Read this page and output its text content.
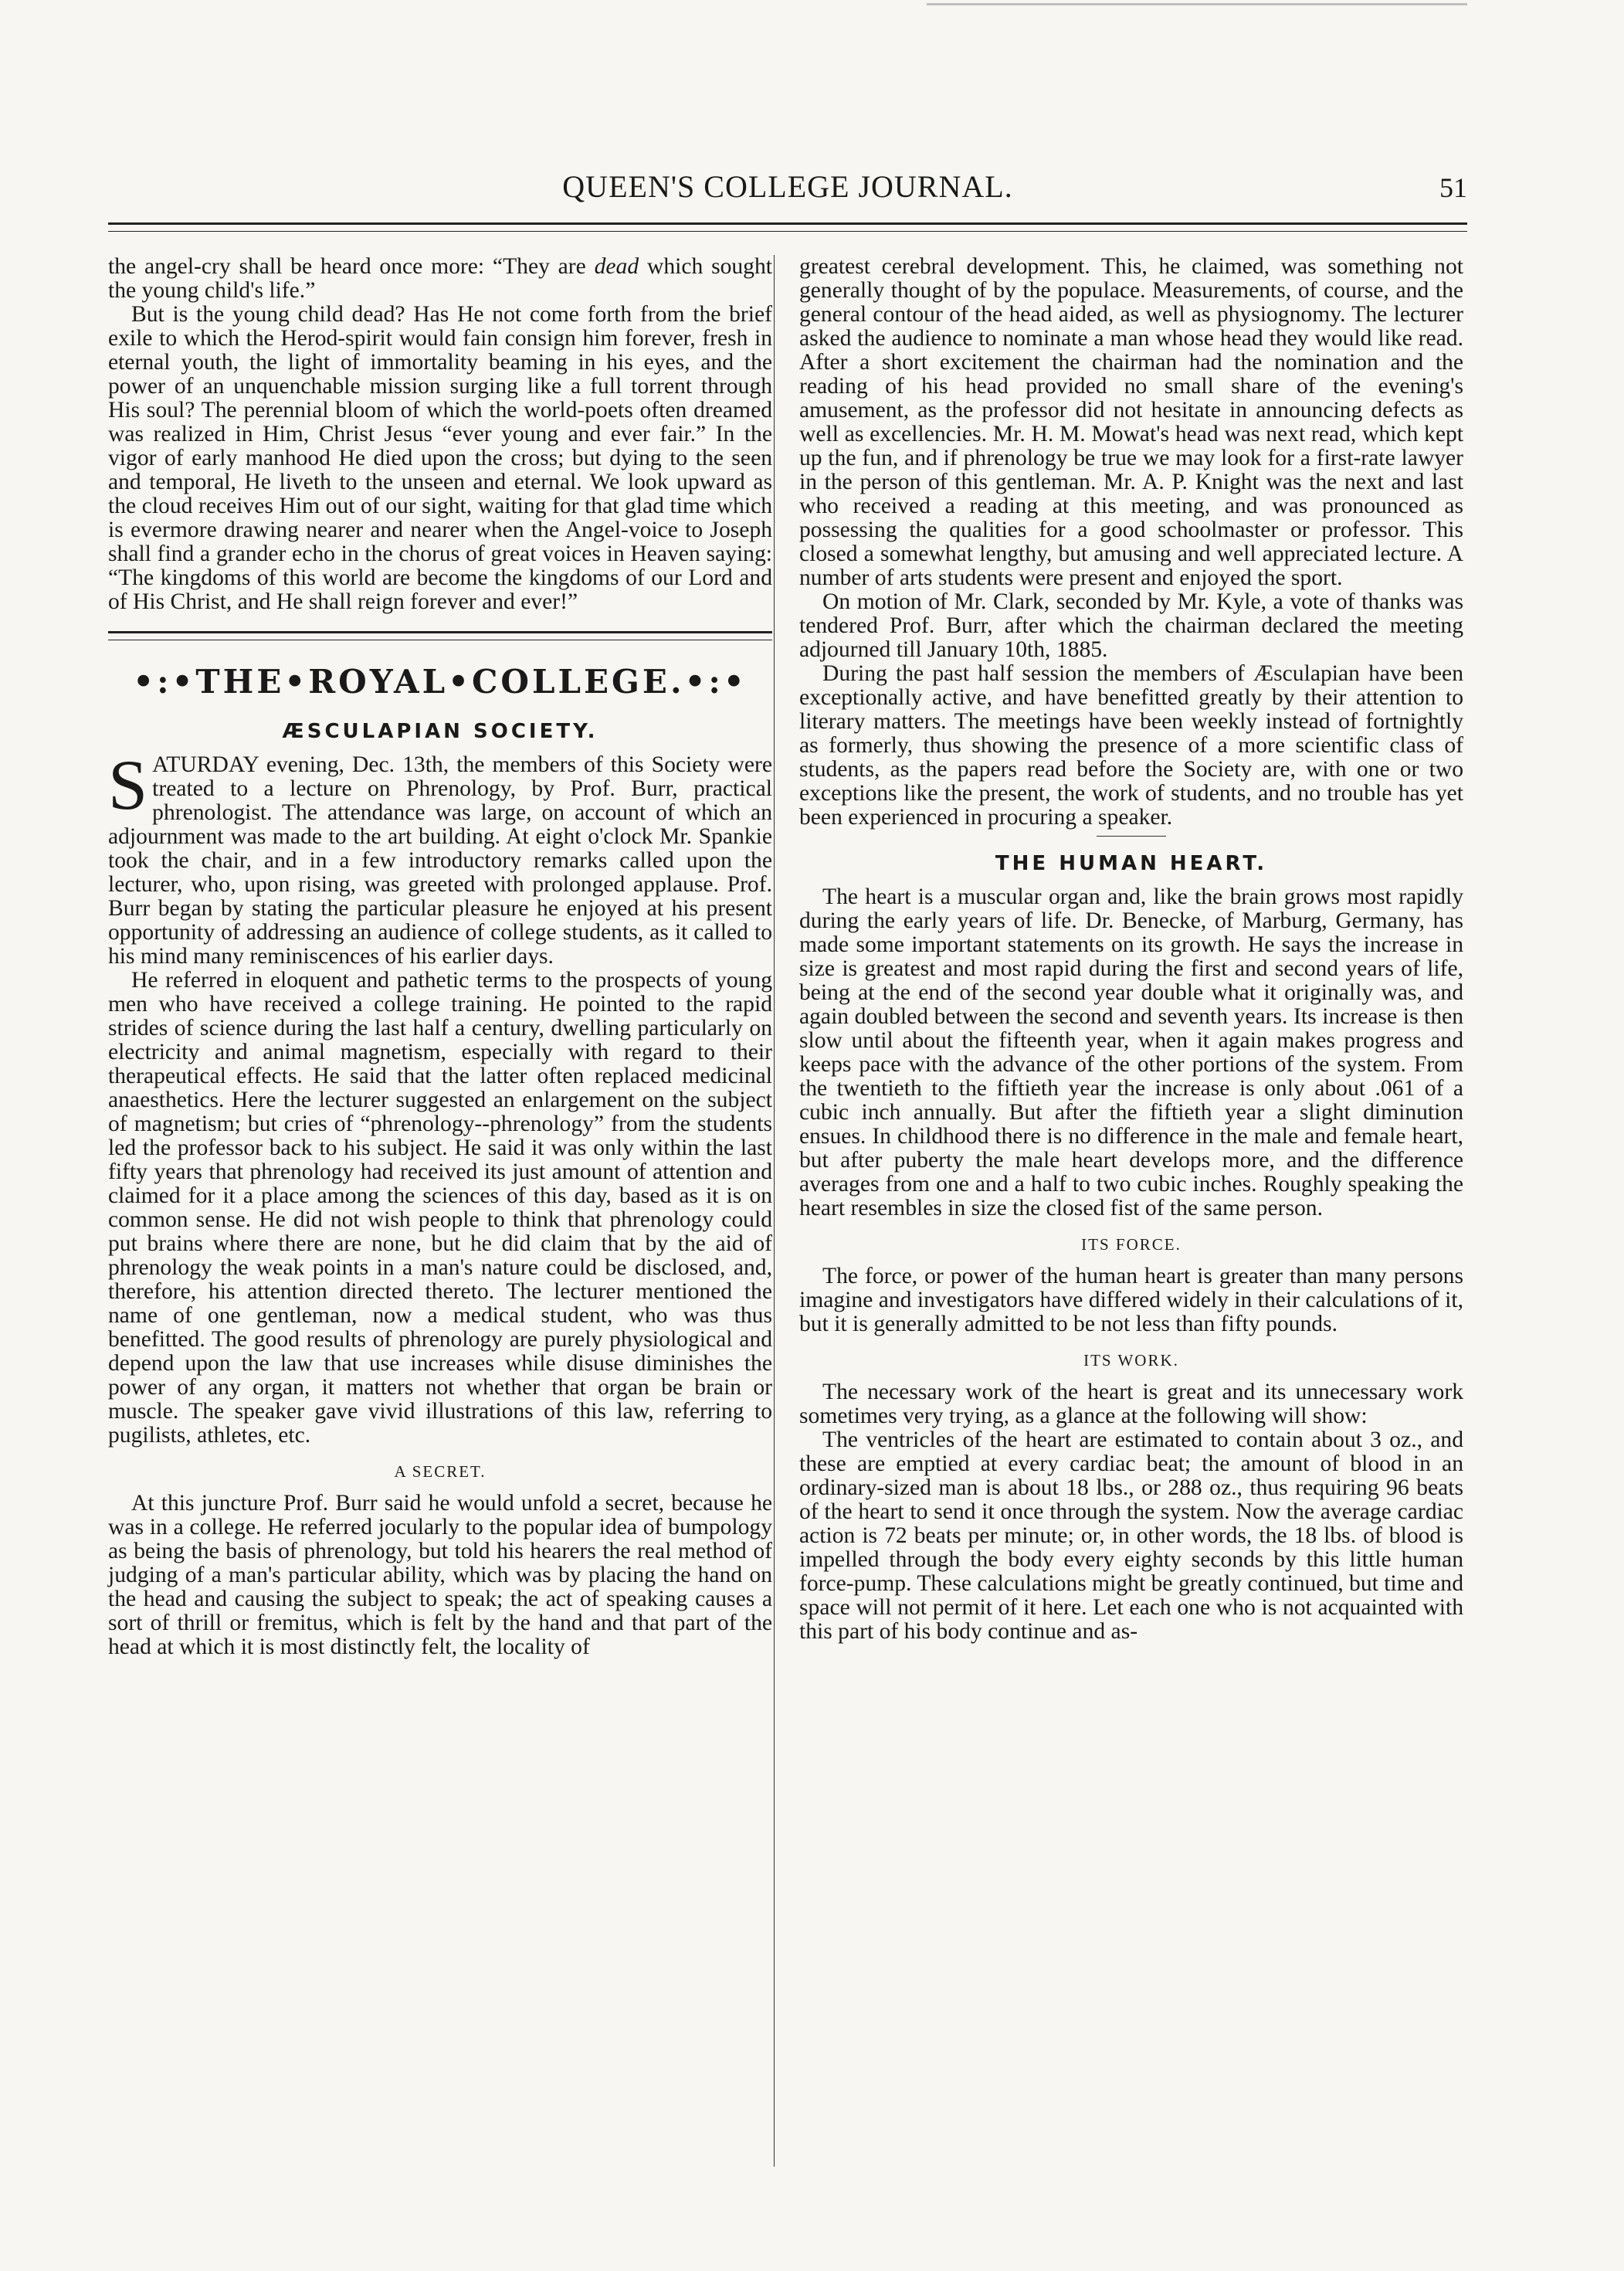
QUEEN'S COLLEGE JOURNAL.	51

the angel-cry shall be heard once more: “They are dead which sought the young child's life.”

But is the young child dead? Has He not come forth from the brief exile to which the Herod-spirit would fain consign him forever, fresh in eternal youth, the light of immortality beaming in his eyes, and the power of an unquenchable mission surging like a full torrent through His soul? The perennial bloom of which the world-poets often dreamed was realized in Him, Christ Jesus “ever young and ever fair.” In the vigor of early manhood He died upon the cross; but dying to the seen and temporal, He liveth to the unseen and eternal. We look upward as the cloud receives Him out of our sight, waiting for that glad time which is evermore drawing nearer and nearer when the Angel-voice to Joseph shall find a grander echo in the chorus of great voices in Heaven saying: “The kingdoms of this world are become the kingdoms of our Lord and of His Christ, and He shall reign forever and ever!”

•:•THE•ROYAL•COLLEGE.•:•
ÆSCULAPIAN SOCIETY.

SATURDAY evening, Dec. 13th, the members of this Society were treated to a lecture on Phrenology, by Prof. Burr, practical phrenologist. The attendance was large, on account of which an adjournment was made to the art building. At eight o'clock Mr. Spankie took the chair, and in a few introductory remarks called upon the lecturer, who, upon rising, was greeted with prolonged applause. Prof. Burr began by stating the particular pleasure he enjoyed at his present opportunity of addressing an audience of college students, as it called to his mind many reminiscences of his earlier days.

He referred in eloquent and pathetic terms to the prospects of young men who have received a college training. He pointed to the rapid strides of science during the last half a century, dwelling particularly on electricity and animal magnetism, especially with regard to their therapeutical effects. He said that the latter often replaced medicinal anaesthetics. Here the lecturer suggested an enlargement on the subject of magnetism; but cries of “phrenology--phrenology” from the students led the professor back to his subject. He said it was only within the last fifty years that phrenology had received its just amount of attention and claimed for it a place among the sciences of this day, based as it is on common sense. He did not wish people to think that phrenology could put brains where there are none, but he did claim that by the aid of phrenology the weak points in a man's nature could be disclosed, and, therefore, his attention directed thereto. The lecturer mentioned the name of one gentleman, now a medical student, who was thus benefitted. The good results of phrenology are purely physiological and depend upon the law that use increases while disuse diminishes the power of any organ, it matters not whether that organ be brain or muscle. The speaker gave vivid illustrations of this law, referring to pugilists, athletes, etc.

A SECRET.

At this juncture Prof. Burr said he would unfold a secret, because he was in a college. He referred jocularly to the popular idea of bumpology as being the basis of phrenology, but told his hearers the real method of judging of a man's particular ability, which was by placing the hand on the head and causing the subject to speak; the act of speaking causes a sort of thrill or fremitus, which is felt by the hand and that part of the head at which it is most distinctly felt, the locality of

greatest cerebral development. This, he claimed, was something not generally thought of by the populace. Measurements, of course, and the general contour of the head aided, as well as physiognomy. The lecturer asked the audience to nominate a man whose head they would like read. After a short excitement the chairman had the nomination and the reading of his head provided no small share of the evening's amusement, as the professor did not hesitate in announcing defects as well as excellencies. Mr. H. M. Mowat's head was next read, which kept up the fun, and if phrenology be true we may look for a first-rate lawyer in the person of this gentleman. Mr. A. P. Knight was the next and last who received a reading at this meeting, and was pronounced as possessing the qualities for a good schoolmaster or professor. This closed a somewhat lengthy, but amusing and well appreciated lecture. A number of arts students were present and enjoyed the sport.

On motion of Mr. Clark, seconded by Mr. Kyle, a vote of thanks was tendered Prof. Burr, after which the chairman declared the meeting adjourned till January 10th, 1885.

During the past half session the members of Æsculapian have been exceptionally active, and have benefitted greatly by their attention to literary matters. The meetings have been weekly instead of fortnightly as formerly, thus showing the presence of a more scientific class of students, as the papers read before the Society are, with one or two exceptions like the present, the work of students, and no trouble has yet been experienced in procuring a speaker.

THE HUMAN HEART.

The heart is a muscular organ and, like the brain grows most rapidly during the early years of life. Dr. Benecke, of Marburg, Germany, has made some important statements on its growth. He says the increase in size is greatest and most rapid during the first and second years of life, being at the end of the second year double what it originally was, and again doubled between the second and seventh years. Its increase is then slow until about the fifteenth year, when it again makes progress and keeps pace with the advance of the other portions of the system. From the twentieth to the fiftieth year the increase is only about .061 of a cubic inch annually. But after the fiftieth year a slight diminution ensues. In childhood there is no difference in the male and female heart, but after puberty the male heart develops more, and the difference averages from one and a half to two cubic inches. Roughly speaking the heart resembles in size the closed fist of the same person.

ITS FORCE.

The force, or power of the human heart is greater than many persons imagine and investigators have differed widely in their calculations of it, but it is generally admitted to be not less than fifty pounds.

ITS WORK.

The necessary work of the heart is great and its unnecessary work sometimes very trying, as a glance at the following will show:

The ventricles of the heart are estimated to contain about 3 oz., and these are emptied at every cardiac beat; the amount of blood in an ordinary-sized man is about 18 lbs., or 288 oz., thus requiring 96 beats of the heart to send it once through the system. Now the average cardiac action is 72 beats per minute; or, in other words, the 18 lbs. of blood is impelled through the body every eighty seconds by this little human force-pump. These calculations might be greatly continued, but time and space will not permit of it here. Let each one who is not acquainted with this part of his body continue and as-
